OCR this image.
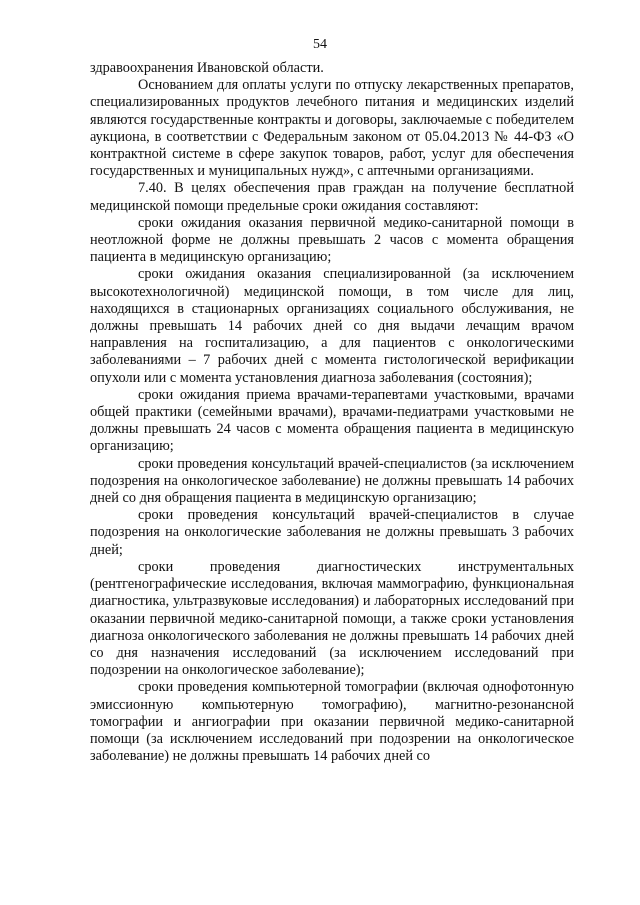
54

здравоохранения Ивановской области.

Основанием для оплаты услуги по отпуску лекарственных препаратов, специализированных продуктов лечебного питания и медицинских изделий являются государственные контракты и договоры, заключаемые с победителем аукциона, в соответствии с Федеральным законом от 05.04.2013 № 44-ФЗ «О контрактной системе в сфере закупок товаров, работ, услуг для обеспечения государственных и муниципальных нужд», с аптечными организациями.

7.40. В целях обеспечения прав граждан на получение бесплатной медицинской помощи предельные сроки ожидания составляют:

сроки ожидания оказания первичной медико-санитарной помощи в неотложной форме не должны превышать 2 часов с момента обращения пациента в медицинскую организацию;

сроки ожидания оказания специализированной (за исключением высокотехнологичной) медицинской помощи, в том числе для лиц, находящихся в стационарных организациях социального обслуживания, не должны превышать 14 рабочих дней со дня выдачи лечащим врачом направления на госпитализацию, а для пациентов с онкологическими заболеваниями – 7 рабочих дней с момента гистологической верификации опухоли или с момента установления диагноза заболевания (состояния);

сроки ожидания приема врачами-терапевтами участковыми, врачами общей практики (семейными врачами), врачами-педиатрами участковыми не должны превышать 24 часов с момента обращения пациента в медицинскую организацию;

сроки проведения консультаций врачей-специалистов (за исключением подозрения на онкологическое заболевание) не должны превышать 14 рабочих дней со дня обращения пациента в медицинскую организацию;

сроки проведения консультаций врачей-специалистов в случае подозрения на онкологические заболевания не должны превышать 3 рабочих дней;

сроки проведения диагностических инструментальных (рентгенографические исследования, включая маммографию, функциональная диагностика, ультразвуковые исследования) и лабораторных исследований при оказании первичной медико-санитарной помощи, а также сроки установления диагноза онкологического заболевания не должны превышать 14 рабочих дней со дня назначения исследований (за исключением исследований при подозрении на онкологическое заболевание);

сроки проведения компьютерной томографии (включая однофотонную эмиссионную компьютерную томографию), магнитно-резонансной томографии и ангиографии при оказании первичной медико-санитарной помощи (за исключением исследований при подозрении на онкологическое заболевание) не должны превышать 14 рабочих дней со
